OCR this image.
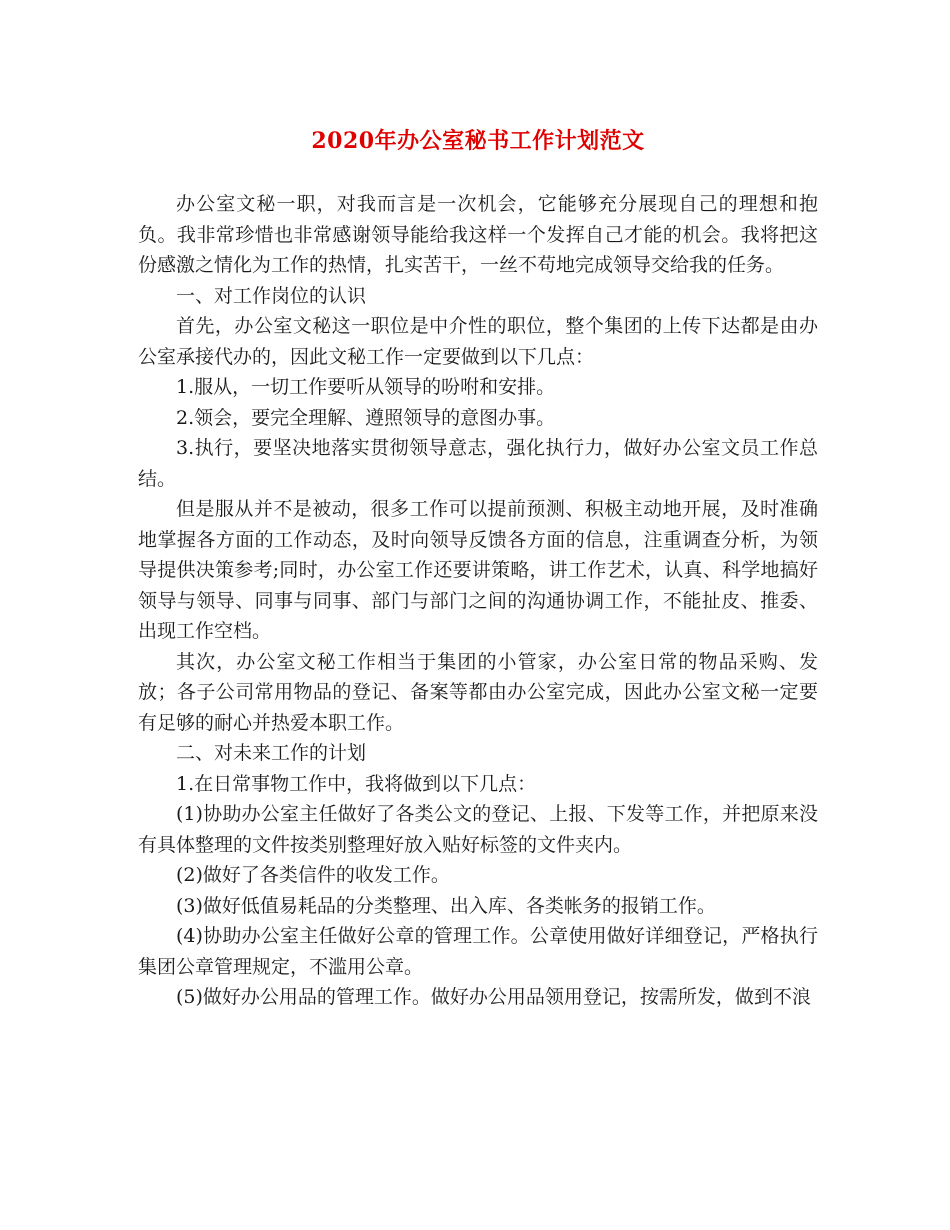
2020年办公室秘书工作计划范文

办公室文秘一职，对我而言是一次机会，它能够充分展现自己的理想和抱负。我非常珍惜也非常感谢领导能给我这样一个发挥自己才能的机会。我将把这份感激之情化为工作的热情，扎实苦干，一丝不苟地完成领导交给我的任务。

一、对工作岗位的认识

首先，办公室文秘这一职位是中介性的职位，整个集团的上传下达都是由办公室承接代办的，因此文秘工作一定要做到以下几点：

1.服从，一切工作要听从领导的吩咐和安排。

2.领会，要完全理解、遵照领导的意图办事。

3.执行，要坚决地落实贯彻领导意志，强化执行力，做好办公室文员工作总结。

但是服从并不是被动，很多工作可以提前预测、积极主动地开展，及时准确地掌握各方面的工作动态，及时向领导反馈各方面的信息，注重调查分析，为领导提供决策参考;同时，办公室工作还要讲策略，讲工作艺术，认真、科学地搞好领导与领导、同事与同事、部门与部门之间的沟通协调工作，不能扯皮、推委、出现工作空档。

其次，办公室文秘工作相当于集团的小管家，办公室日常的物品采购、发放；各子公司常用物品的登记、备案等都由办公室完成，因此办公室文秘一定要有足够的耐心并热爱本职工作。

二、对未来工作的计划

1.在日常事物工作中，我将做到以下几点：

(1)协助办公室主任做好了各类公文的登记、上报、下发等工作，并把原来没有具体整理的文件按类别整理好放入贴好标签的文件夹内。

(2)做好了各类信件的收发工作。

(3)做好低值易耗品的分类整理、出入库、各类帐务的报销工作。

(4)协助办公室主任做好公章的管理工作。公章使用做好详细登记，严格执行集团公章管理规定，不滥用公章。

(5)做好办公用品的管理工作。做好办公用品领用登记，按需所发，做到不浪
